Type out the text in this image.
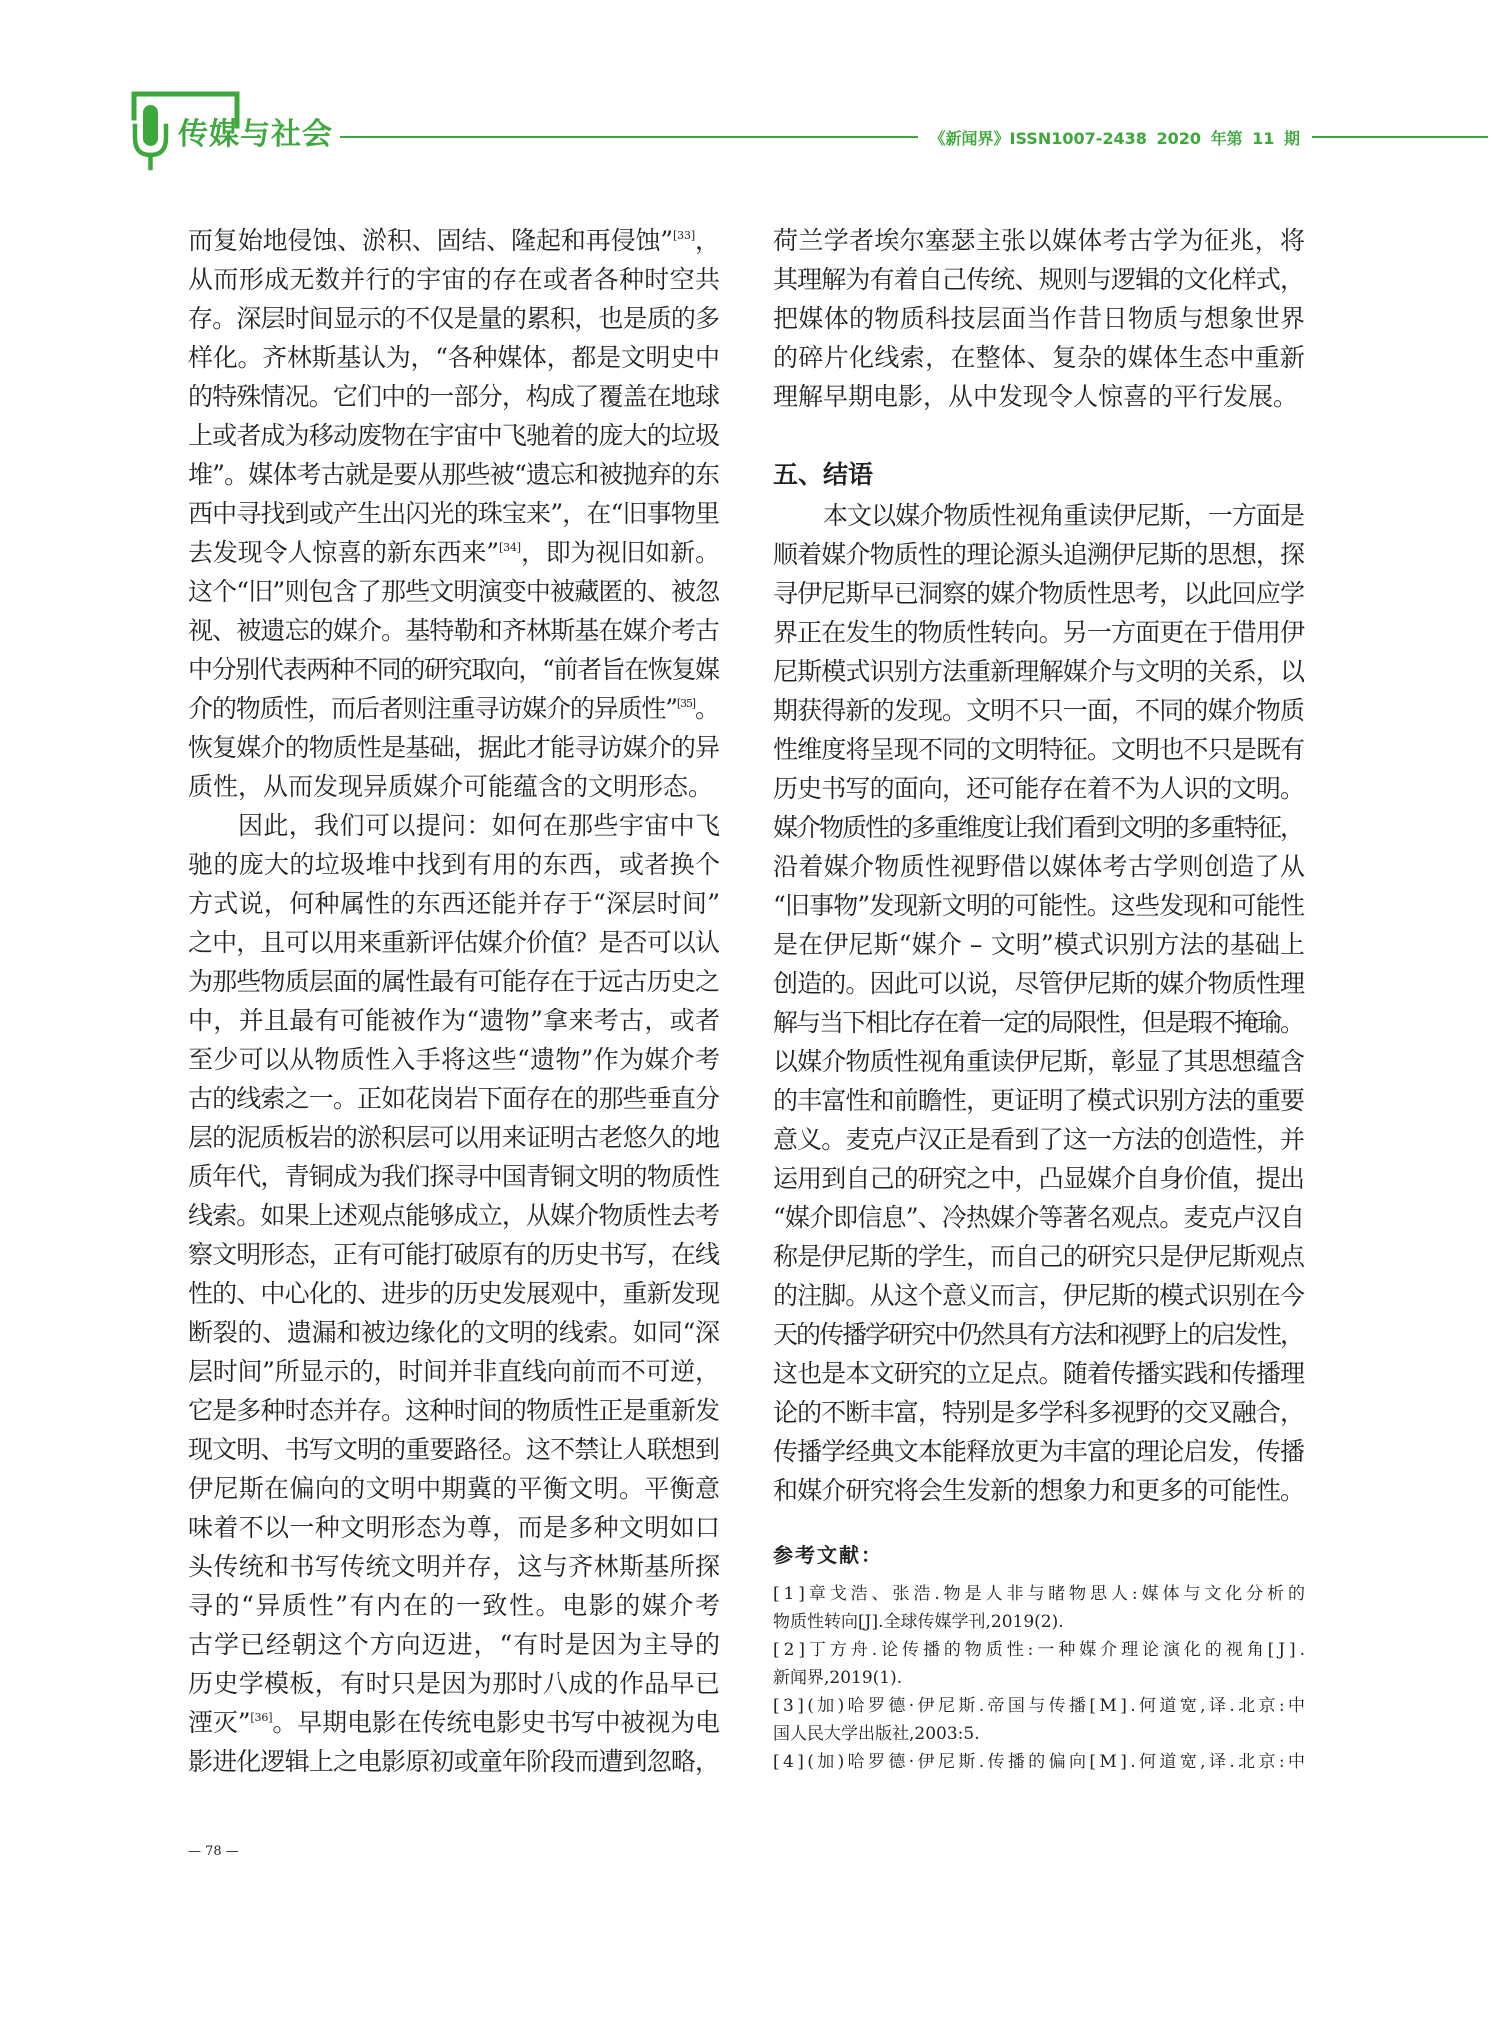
传媒与社会	《新闻界》ISSN1007-2438 2020 年第 11 期
而复始地侵蚀、淤积、固结、隆起和再侵蚀”[33]，
从而形成无数并行的宇宙的存在或者各种时空共
存。深层时间显示的不仅是量的累积，也是质的多
样化。齐林斯基认为，“各种媒体，都是文明史中
的特殊情况。它们中的一部分，构成了覆盖在地球
上或者成为移动废物在宇宙中飞驰着的庞大的垃圾
堆”。媒体考古就是要从那些被“遗忘和被抛弃的东
西中寻找到或产生出闪光的珠宝来”，在“旧事物里
去发现令人惊喜的新东西来”[34]，即为视旧如新。
这个“旧”则包含了那些文明演变中被藏匿的、被忽
视、被遗忘的媒介。基特勒和齐林斯基在媒介考古
中分别代表两种不同的研究取向，“前者旨在恢复媒
介的物质性，而后者则注重寻访媒介的异质性”[35]。
恢复媒介的物质性是基础，据此才能寻访媒介的异
质性，从而发现异质媒介可能蕴含的文明形态。
因此，我们可以提问：如何在那些宇宙中飞
驰的庞大的垃圾堆中找到有用的东西，或者换个
方式说，何种属性的东西还能并存于“深层时间”
之中，且可以用来重新评估媒介价值？是否可以认
为那些物质层面的属性最有可能存在于远古历史之
中，并且最有可能被作为“遗物”拿来考古，或者
至少可以从物质性入手将这些“遗物”作为媒介考
古的线索之一。正如花岗岩下面存在的那些垂直分
层的泥质板岩的淤积层可以用来证明古老悠久的地
质年代，青铜成为我们探寻中国青铜文明的物质性
线索。如果上述观点能够成立，从媒介物质性去考
察文明形态，正有可能打破原有的历史书写，在线
性的、中心化的、进步的历史发展观中，重新发现
断裂的、遗漏和被边缘化的文明的线索。如同“深
层时间”所显示的，时间并非直线向前而不可逆，
它是多种时态并存。这种时间的物质性正是重新发
现文明、书写文明的重要路径。这不禁让人联想到
伊尼斯在偏向的文明中期冀的平衡文明。平衡意
味着不以一种文明形态为尊，而是多种文明如口
头传统和书写传统文明并存，这与齐林斯基所探
寻的“异质性”有内在的一致性。电影的媒介考
古学已经朝这个方向迈进，“有时是因为主导的
历史学模板，有时只是因为那时八成的作品早已
湮灭”[36]。早期电影在传统电影史书写中被视为电
影进化逻辑上之电影原初或童年阶段而遭到忽略，
荷兰学者埃尔塞瑟主张以媒体考古学为征兆，将
其理解为有着自己传统、规则与逻辑的文化样式，
把媒体的物质科技层面当作昔日物质与想象世界
的碎片化线索，在整体、复杂的媒体生态中重新
理解早期电影，从中发现令人惊喜的平行发展。
五、结语
本文以媒介物质性视角重读伊尼斯，一方面是
顺着媒介物质性的理论源头追溯伊尼斯的思想，探
寻伊尼斯早已洞察的媒介物质性思考，以此回应学
界正在发生的物质性转向。另一方面更在于借用伊
尼斯模式识别方法重新理解媒介与文明的关系，以
期获得新的发现。文明不只一面，不同的媒介物质
性维度将呈现不同的文明特征。文明也不只是既有
历史书写的面向，还可能存在着不为人识的文明。
媒介物质性的多重维度让我们看到文明的多重特征，
沿着媒介物质性视野借以媒体考古学则创造了从
“旧事物”发现新文明的可能性。这些发现和可能性
是在伊尼斯“媒介 – 文明”模式识别方法的基础上
创造的。因此可以说，尽管伊尼斯的媒介物质性理
解与当下相比存在着一定的局限性，但是瑕不掩瑜。
以媒介物质性视角重读伊尼斯，彰显了其思想蕴含
的丰富性和前瞻性，更证明了模式识别方法的重要
意义。麦克卢汉正是看到了这一方法的创造性，并
运用到自己的研究之中，凸显媒介自身价值，提出
“媒介即信息”、冷热媒介等著名观点。麦克卢汉自
称是伊尼斯的学生，而自己的研究只是伊尼斯观点
的注脚。从这个意义而言，伊尼斯的模式识别在今
天的传播学研究中仍然具有方法和视野上的启发性，
这也是本文研究的立足点。随着传播实践和传播理
论的不断丰富，特别是多学科多视野的交叉融合，
传播学经典文本能释放更为丰富的理论启发，传播
和媒介研究将会生发新的想象力和更多的可能性。
参考文献：
[1]章戈浩、张浩.物是人非与睹物思人:媒体与文化分析的
物质性转向[J].全球传媒学刊,2019(2).
[2]丁方舟.论传播的物质性:一种媒介理论演化的视角[J].
新闻界,2019(1).
[3](加)哈罗德·伊尼斯.帝国与传播[M].何道宽,译.北京:中
国人民大学出版社,2003:5.
[4](加)哈罗德·伊尼斯.传播的偏向[M].何道宽,译.北京:中
— 78 —
